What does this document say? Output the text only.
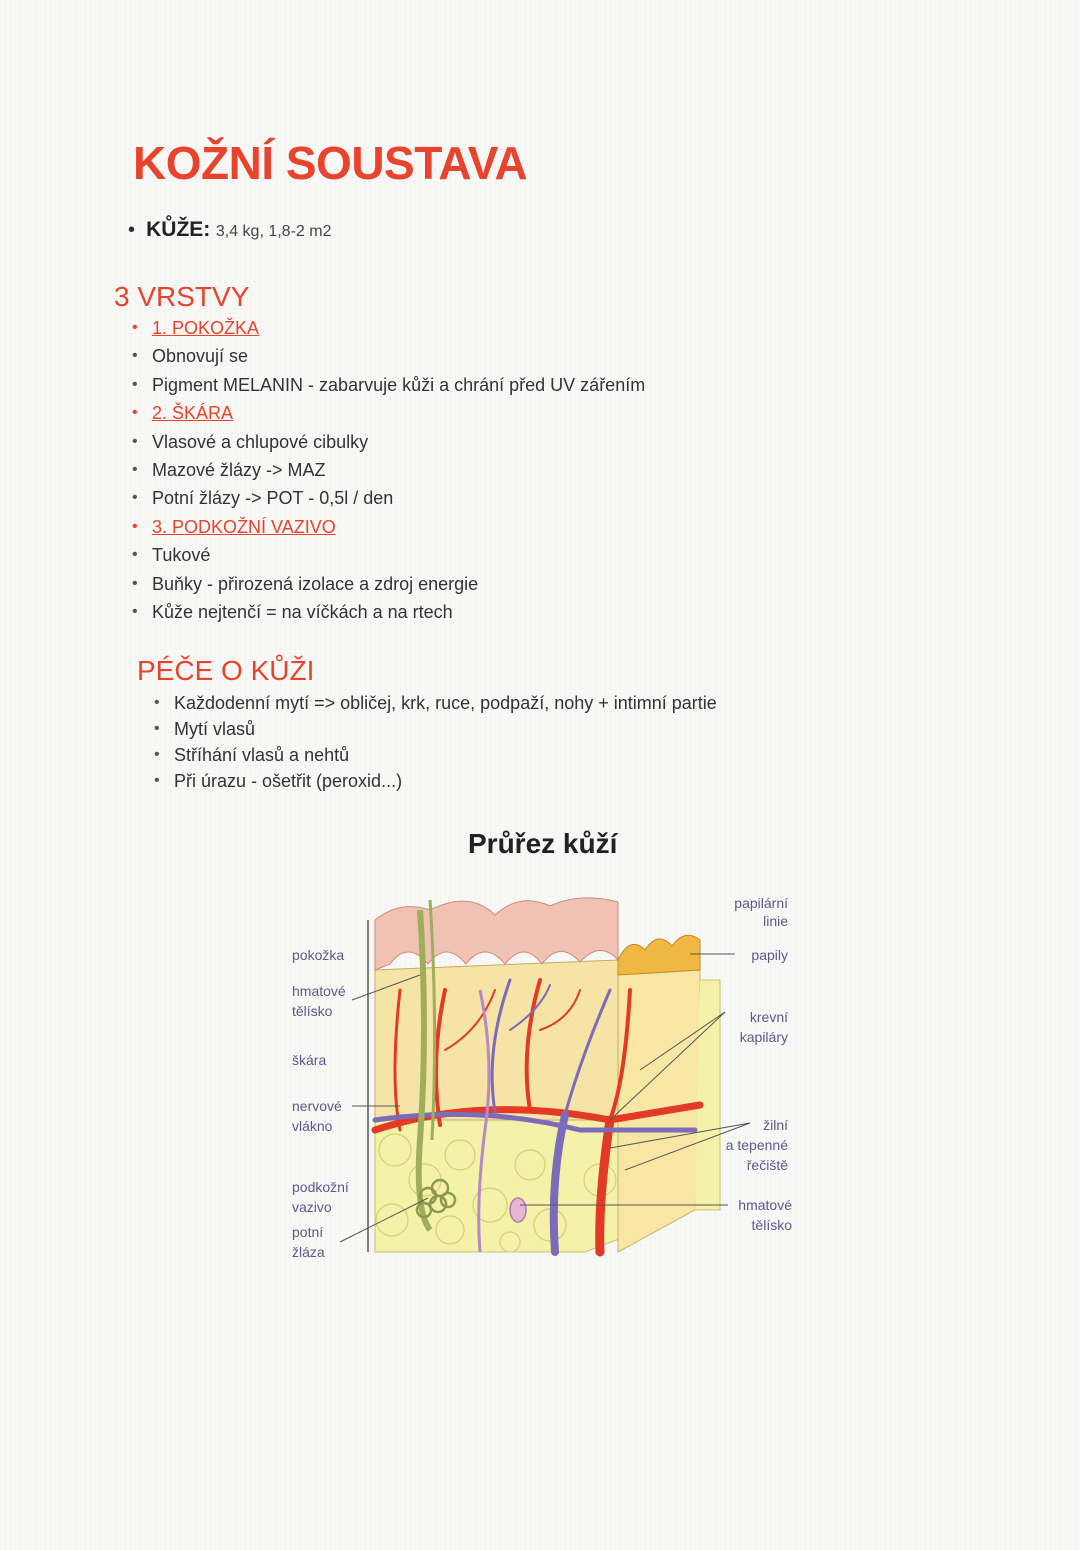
KOŽNÍ SOUSTAVA
•  KŮŽE: 3,4 kg, 1,8-2 m2
3 VRSTVY
• 1. POKOŽKA
• Obnovují se
• Pigment MELANIN - zabarvuje kůži a chrání před UV zářením
• 2. ŠKÁRA
• Vlasové a chlupové cibulky
• Mazové žlázy -> MAZ
• Potní žlázy -> POT - 0,5l / den
• 3. PODKOŽNÍ VAZIVO
• Tukové
• Buňky - přirozená izolace a zdroj energie
• Kůže nejtenčí = na víčkách a na rtech
PÉČE O KŮŽI
• Každodenní mytí => obličej, krk, ruce, podpaží, nohy + intimní partie
• Mytí vlasů
• Stříhání vlasů a nehtů
• Při úrazu - ošetřit (peroxid...)
Průřez kůží
pokožka
hmatové
tělísko
škára
nervové
vlákno
podkožní
vazivo
potní
žláza
papilární
linie
papily
krevní
kapiláry
žilní
a tepenné
řečiště
hmatové
tělísko
